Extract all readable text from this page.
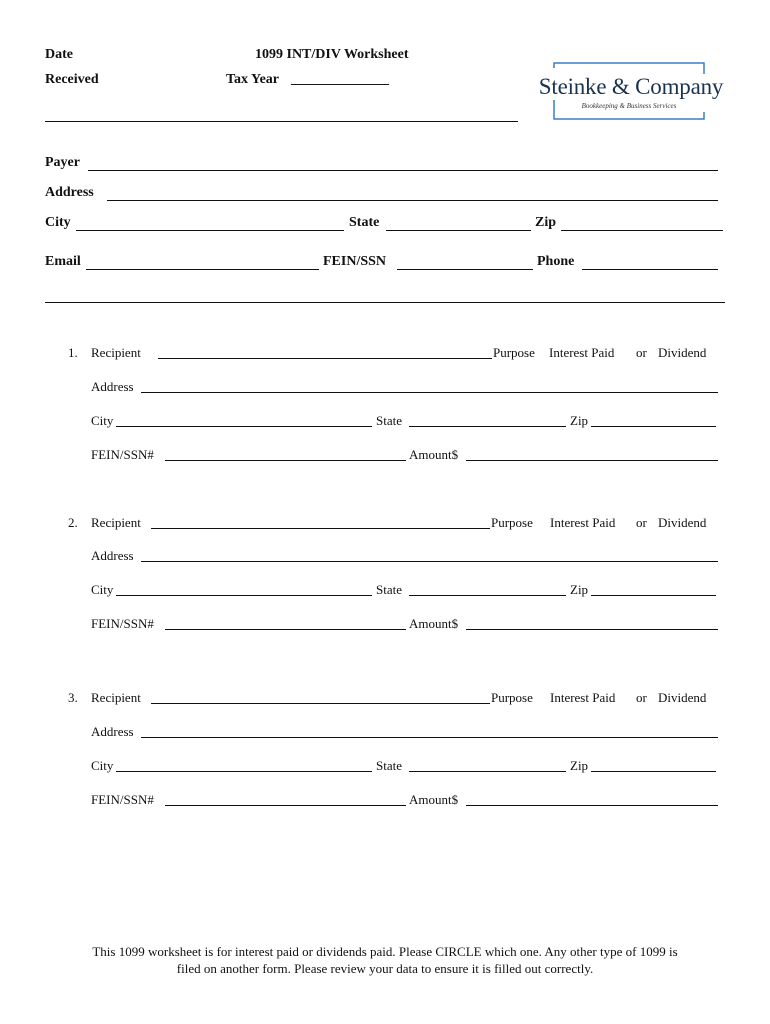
Date
Received
1099 INT/DIV Worksheet
Tax Year ______________	Steinke & Company
Bookkeeping & Business Services
Payer
Address
City	State	Zip
Email	FEIN/SSN	Phone
1. Recipient	Purpose Interest Paid or Dividend
Address
City	State	Zip
FEIN/SSN#	Amount$
2. Recipient	Purpose Interest Paid or Dividend
Address
City	State	Zip
FEIN/SSN#	Amount$
3. Recipient	Purpose Interest Paid or Dividend
Address
City	State	Zip
FEIN/SSN#	Amount$
This 1099 worksheet is for interest paid or dividends paid. Please CIRCLE which one. Any other type of 1099 is
filed on another form. Please review your data to ensure it is filled out correctly.
